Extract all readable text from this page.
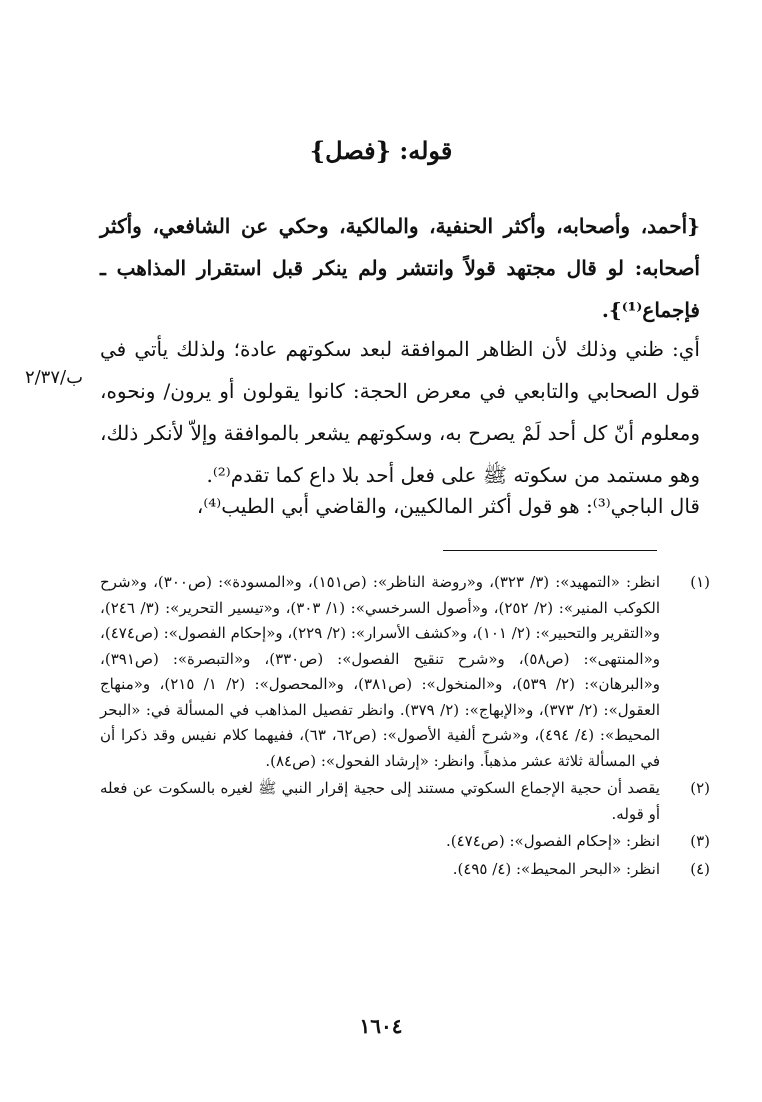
قوله: {فصل}
{أحمد، وأصحابه، وأكثر الحنفية، والمالكية، وحكي عن الشافعي، وأكثر أصحابه: لو قال مجتهد قولاً وانتشر ولم ينكر قبل استقرار المذاهب ـ فإجماع⁽¹⁾}.
أي: ظني وذلك لأن الظاهر الموافقة لبعد سكوتهم عادة؛ ولذلك يأتي في قول الصحابي والتابعي في معرض الحجة: كانوا يقولون أو يرون/ ونحوه، ومعلوم أنّ كل أحد لَمْ يصرح به، وسكوتهم يشعر بالموافقة وإلاّ لأنكر ذلك، وهو مستمد من سكوته ﷺ على فعل أحد بلا داع كما تقدم⁽²⁾.
ب/٢/٣٧
قال الباجي⁽³⁾: هو قول أكثر المالكيين، والقاضي أبي الطيب⁽⁴⁾،
(١)
انظر: «التمهيد»: (٣/ ٣٢٣)، و«روضة الناظر»: (ص١٥١)، و«المسودة»: (ص٣٠٠)، و«شرح الكوكب المنير»: (٢/ ٢٥٢)، و«أصول السرخسي»: (١/ ٣٠٣)، و«تيسير التحرير»: (٣/ ٢٤٦)، و«التقرير والتحبير»: (٢/ ١٠١)، و«كشف الأسرار»: (٢/ ٢٢٩)، و«إحكام الفصول»: (ص٤٧٤)، و«المنتهى»: (ص٥٨)، و«شرح تنقيح الفصول»: (ص٣٣٠)، و«التبصرة»: (ص٣٩١)، و«البرهان»: (٢/ ٥٣٩)، و«المنخول»: (ص٣٨١)، و«المحصول»: (٢/ ١/ ٢١٥)، و«منهاج العقول»: (٢/ ٣٧٣)، و«الإبهاج»: (٢/ ٣٧٩). وانظر تفصيل المذاهب في المسألة في: «البحر المحيط»: (٤/ ٤٩٤)، و«شرح ألفية الأصول»: (ص٦٢، ٦٣)، ففيهما كلام نفيس وقد ذكرا أن في المسألة ثلاثة عشر مذهباً. وانظر: «إرشاد الفحول»: (ص٨٤).
(٢)
يقصد أن حجية الإجماع السكوتي مستند إلى حجية إقرار النبي ﷺ لغيره بالسكوت عن فعله أو قوله.
(٣)
انظر: «إحكام الفصول»: (ص٤٧٤).
(٤)
انظر: «البحر المحيط»: (٤/ ٤٩٥).
١٦٠٤
